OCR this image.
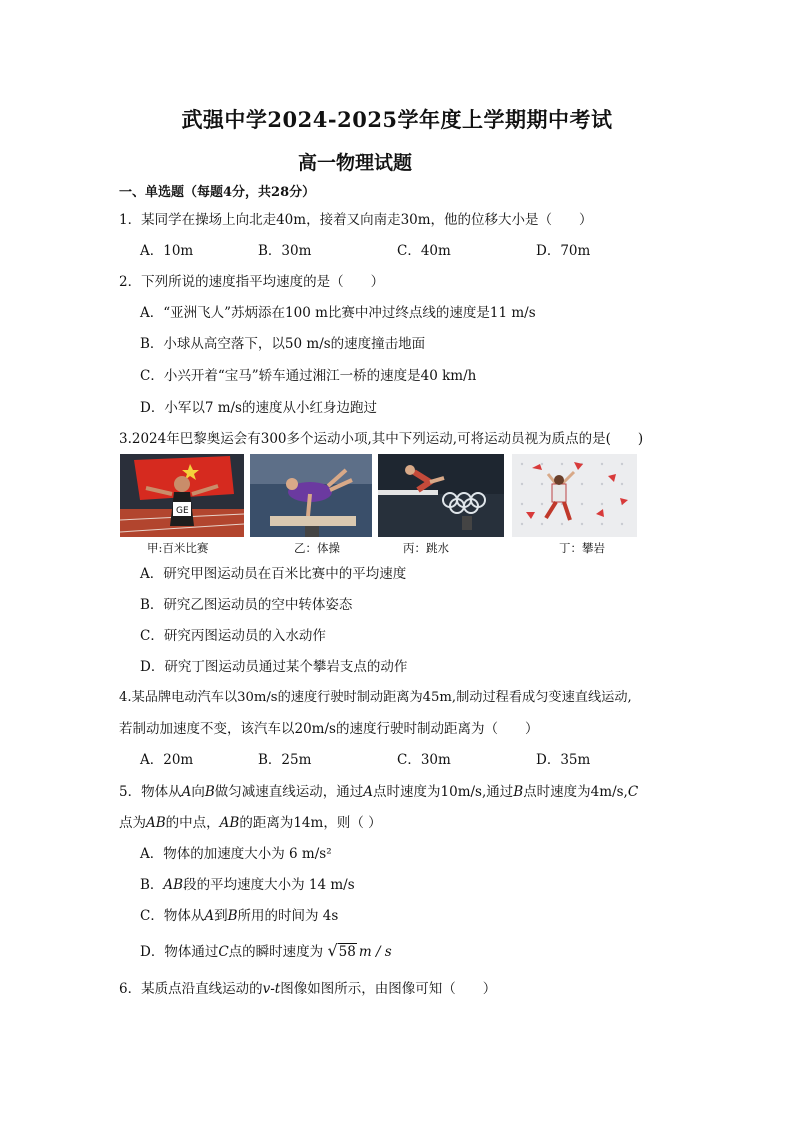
武强中学2024-2025学年度上学期期中考试
高一物理试题
一、单选题（每题4分，共28分）
1．某同学在操场上向北走40m，接着又向南走30m，他的位移大小是（　　）
A．10m	B．30m	C．40m	D．70m
2．下列所说的速度指平均速度的是（　　）
A．“亚洲飞人”苏炳添在100 m比赛中冲过终点线的速度是11 m/s
B．小球从高空落下，以50 m/s的速度撞击地面
C．小兴开着“宝马”轿车通过湘江一桥的速度是40 km/h
D．小军以7 m/s的速度从小红身边跑过
3.2024年巴黎奥运会有300多个运动小项,其中下列运动,可将运动员视为质点的是(　　)
GE
甲:百米比赛	乙：体操	丙：跳水	丁：攀岩
A．研究甲图运动员在百米比赛中的平均速度
B．研究乙图运动员的空中转体姿态
C．研究丙图运动员的入水动作
D．研究丁图运动员通过某个攀岩支点的动作
4.某品牌电动汽车以30m/s的速度行驶时制动距离为45m,制动过程看成匀变速直线运动,
若制动加速度不变，该汽车以20m/s的速度行驶时制动距离为（　　）
A．20m	B．25m	C．30m	D．35m
5．物体从A向B做匀减速直线运动，通过A点时速度为10m/s,通过B点时速度为4m/s,C
点为AB的中点，AB的距离为14m，则（ ）
A．物体的加速度大小为 6 m/s²
B．AB段的平均速度大小为 14 m/s
C．物体从A到B所用的时间为 4s
D．物体通过C点的瞬时速度为 √58 m / s
6．某质点沿直线运动的v-t图像如图所示，由图像可知（　　）
